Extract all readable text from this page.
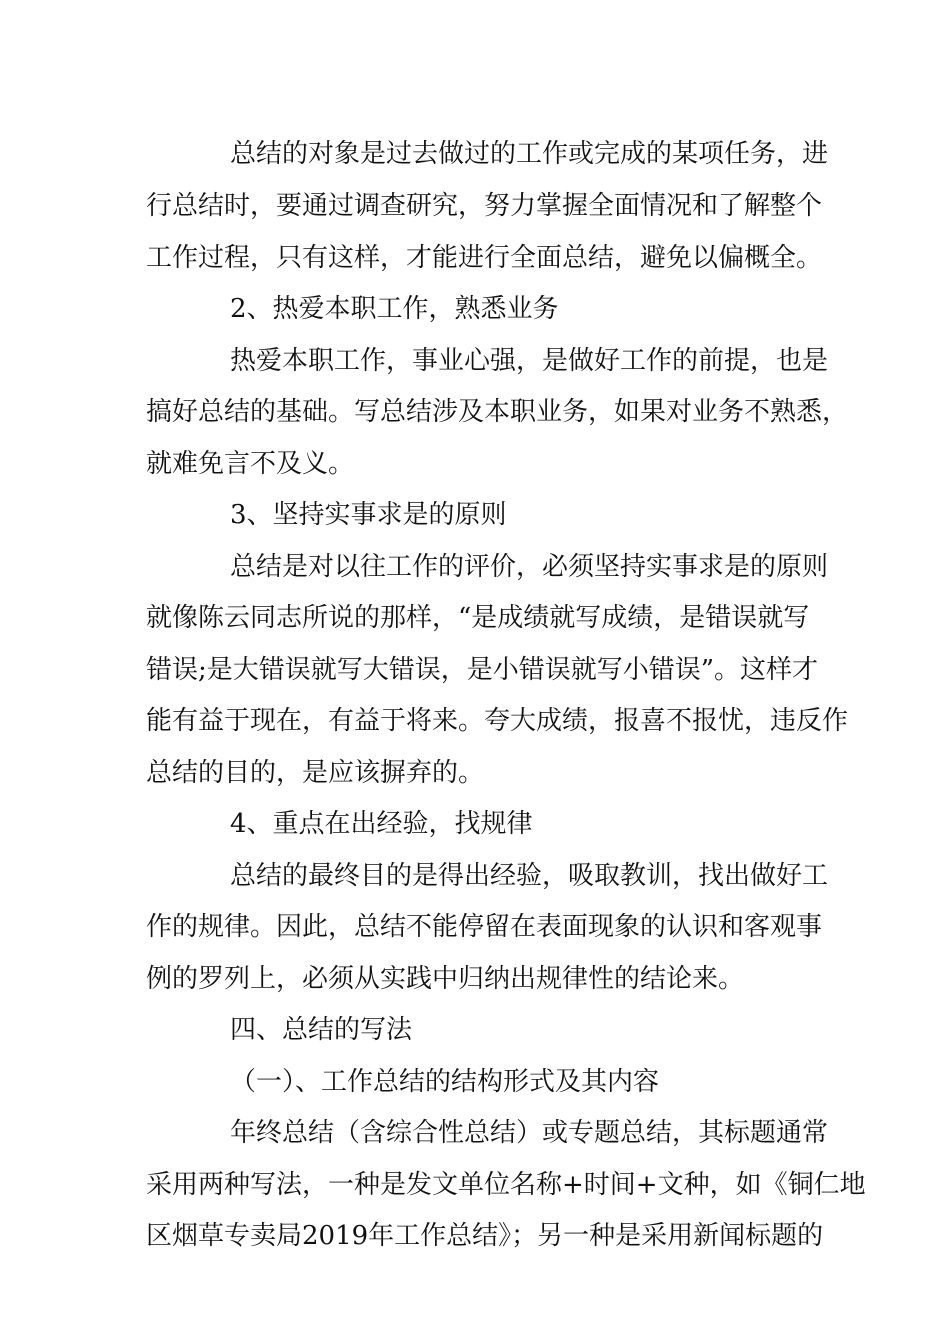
总结的对象是过去做过的工作或完成的某项任务，进
行总结时，要通过调查研究，努力掌握全面情况和了解整个
工作过程，只有这样，才能进行全面总结，避免以偏概全。
2、热爱本职工作，熟悉业务
热爱本职工作，事业心强，是做好工作的前提，也是
搞好总结的基础。写总结涉及本职业务，如果对业务不熟悉，
就难免言不及义。
3、坚持实事求是的原则
总结是对以往工作的评价，必须坚持实事求是的原则
就像陈云同志所说的那样，“是成绩就写成绩，是错误就写
错误;是大错误就写大错误，是小错误就写小错误”。这样才
能有益于现在，有益于将来。夸大成绩，报喜不报忧，违反作
总结的目的，是应该摒弃的。
4、重点在出经验，找规律
总结的最终目的是得出经验，吸取教训，找出做好工
作的规律。因此，总结不能停留在表面现象的认识和客观事
例的罗列上，必须从实践中归纳出规律性的结论来。
四、总结的写法
（一）、工作总结的结构形式及其内容
年终总结（含综合性总结）或专题总结，其标题通常
采用两种写法，一种是发文单位名称+时间+文种，如《铜仁地
区烟草专卖局2019年工作总结》；另一种是采用新闻标题的
